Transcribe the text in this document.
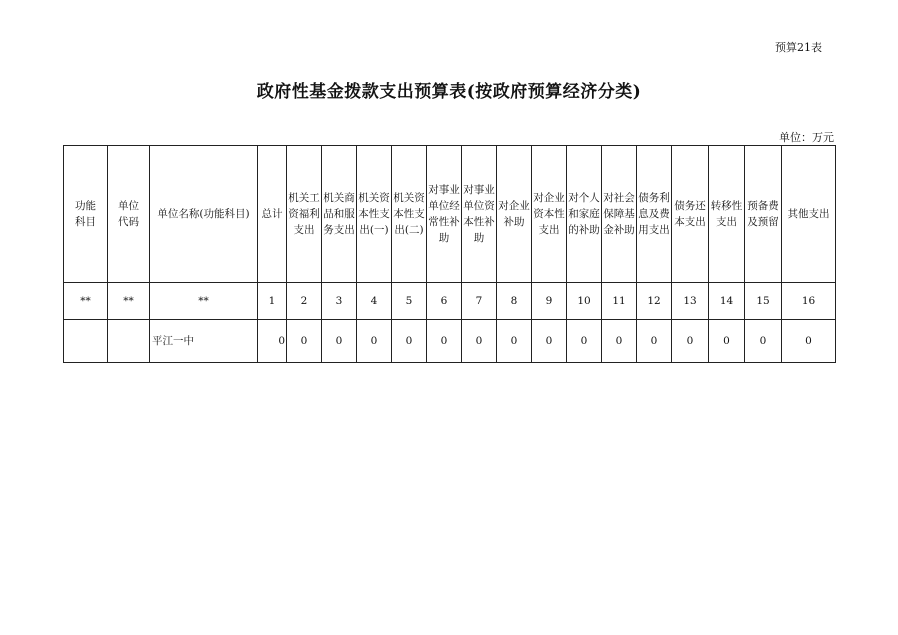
预算21表
政府性基金拨款支出预算表(按政府预算经济分类)
单位：万元
功能科目	单位代码	单位名称(功能科目)	总计	机关工资福利支出	机关商品和服务支出	机关资本性支出(一)	机关资本性支出(二)	对事业单位经常性补助	对事业单位资本性补助	对企业补助	对企业资本性支出	对个人和家庭的补助	对社会保障基金补助	债务利息及费用支出	债务还本支出	转移性支出	预备费及预留	其他支出

**	**	**	1	2	3	4	5	6	7	8	9	10	11	12	13	14	15	16
		平江一中	0	0	0	0	0	0	0	0	0	0	0	0	0	0	0	0
